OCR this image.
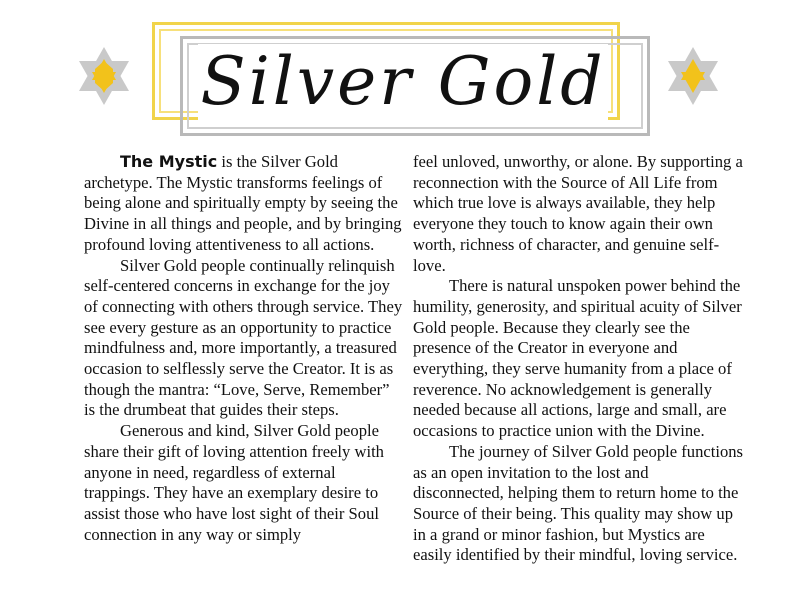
Silver Gold

The Mystic is the Silver Gold archetype. The Mystic transforms feelings of being alone and spiritually empty by seeing the Divine in all things and people, and by bringing profound loving attentiveness to all actions.

Silver Gold people continually relinquish self-centered concerns in exchange for the joy of connecting with others through service. They see every gesture as an opportunity to practice mindfulness and, more importantly, a treasured occasion to selflessly serve the Creator. It is as though the mantra: “Love, Serve, Remember” is the drumbeat that guides their steps.

Generous and kind, Silver Gold people share their gift of loving attention freely with anyone in need, regardless of external trappings. They have an exemplary desire to assist those who have lost sight of their Soul connection in any way or simply

feel unloved, unworthy, or alone. By supporting a reconnection with the Source of All Life from which true love is always available, they help everyone they touch to know again their own worth, richness of character, and genuine self-love.

There is natural unspoken power behind the humility, generosity, and spiritual acuity of Silver Gold people. Because they clearly see the presence of the Creator in everyone and everything, they serve humanity from a place of reverence. No acknowledgement is generally needed because all actions, large and small, are occasions to practice union with the Divine.

The journey of Silver Gold people functions as an open invitation to the lost and disconnected, helping them to return home to the Source of their being. This quality may show up in a grand or minor fashion, but Mystics are easily identified by their mindful, loving service.
